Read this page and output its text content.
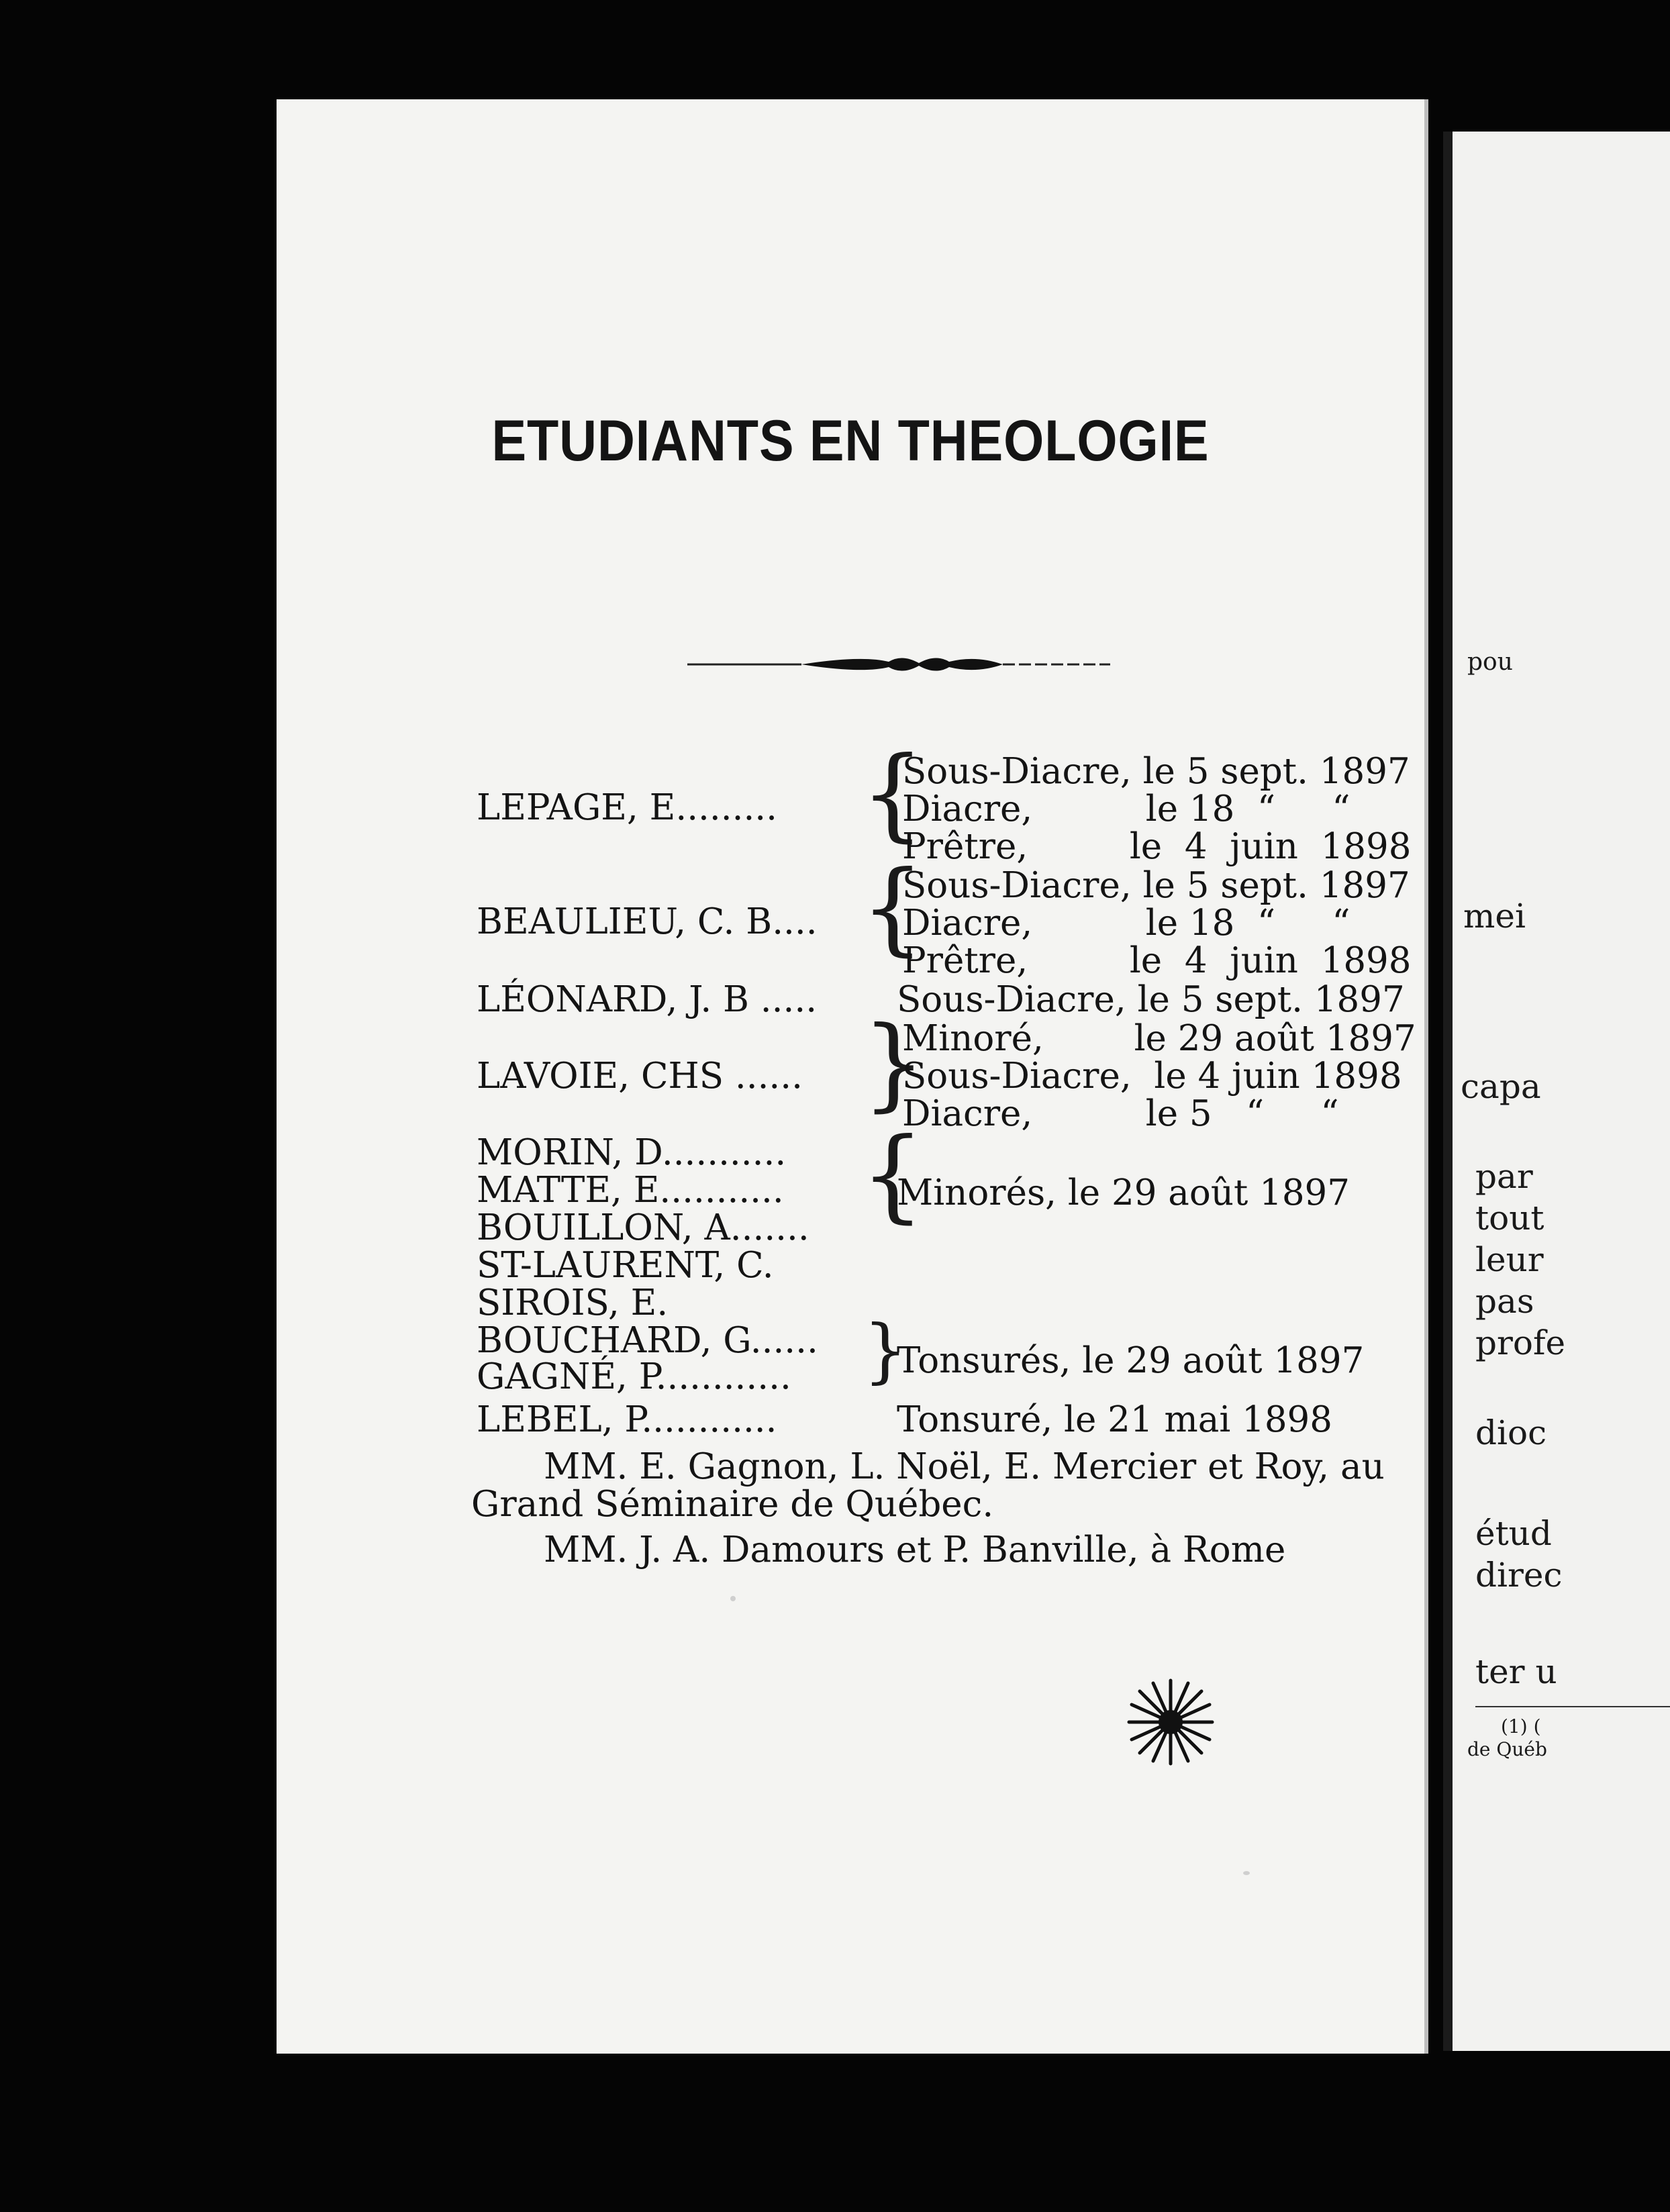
ETUDIANTS EN THEOLOGIE
LEPAGE, E......... {
Sous-Diacre, le 5 sept. 1897
Diacre,          le 18  “     “
Prêtre,         le  4  juin  1898
BEAULIEU, C. B.... {
Sous-Diacre, le 5 sept. 1897
Diacre,          le 18  “     “
Prêtre,         le  4  juin  1898
LÉONARD, J. B ..... Sous-Diacre, le 5 sept. 1897
LAVOIE, CHS ...... }
Minoré,        le 29 août 1897
Sous-Diacre,  le 4 juin 1898
Diacre,          le 5   “     “
MORIN, D...........
MATTE, E...........
BOUILLON, A....... {
Minorés, le 29 août 1897
ST-LAURENT, C.
SIROIS, E.
BOUCHARD, G......
GAGNÉ, P............ }
Tonsurés, le 29 août 1897
LEBEL, P............	Tonsuré, le 21 mai 1898
MM. E. Gagnon, L. Noël, E. Mercier et Roy, au
Grand Séminaire de Québec.
MM. J. A. Damours et P. Banville, à Rome
pou
mei
capa
par
tout
leur
pas
profe
dioc
étud
direc
ter u
(1) (
de Québ
